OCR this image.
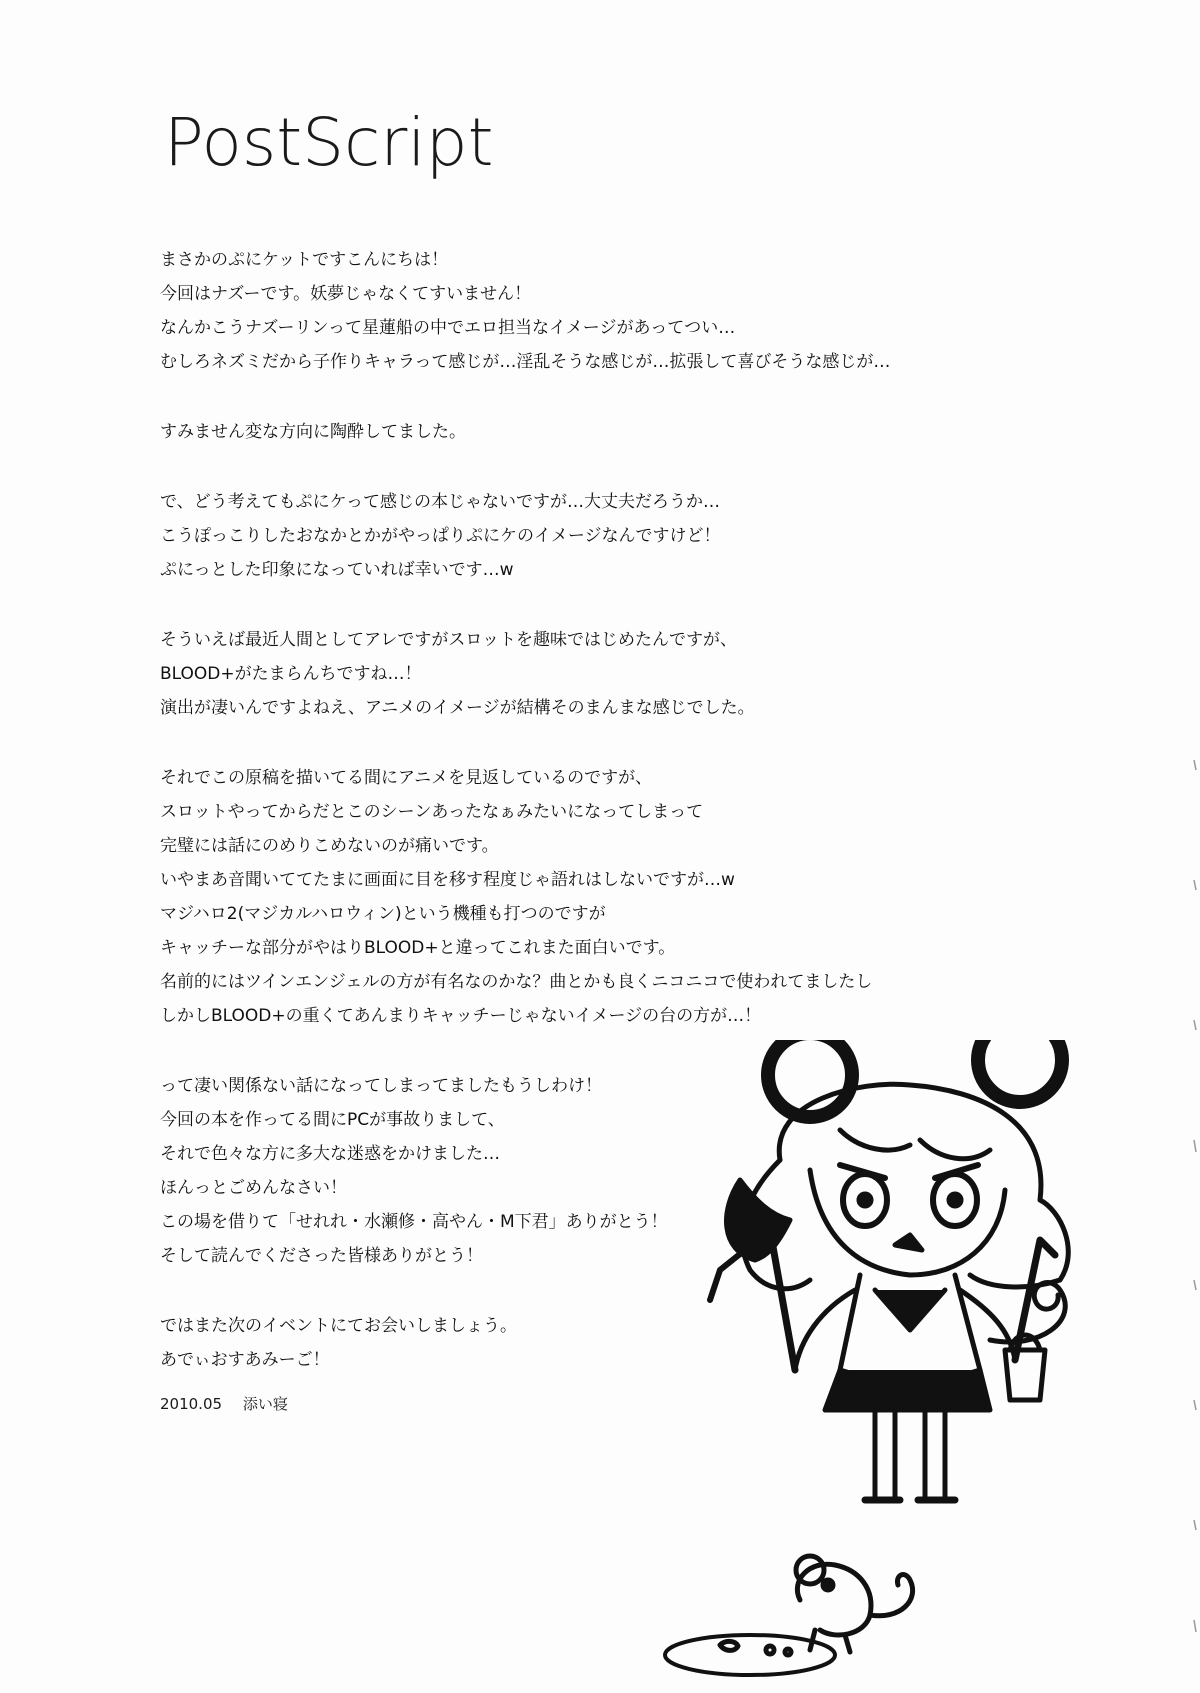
PostScript
まさかのぷにケットですこんにちは！
今回はナズーです。妖夢じゃなくてすいません！
なんかこうナズーリンって星蓮船の中でエロ担当なイメージがあってつい…
むしろネズミだから子作りキャラって感じが…淫乱そうな感じが…拡張して喜びそうな感じが…
すみません変な方向に陶酔してました。
で、どう考えてもぷにケって感じの本じゃないですが…大丈夫だろうか…
こうぽっこりしたおなかとかがやっぱりぷにケのイメージなんですけど！
ぷにっとした印象になっていれば幸いです…w
そういえば最近人間としてアレですがスロットを趣味ではじめたんですが、
BLOOD+がたまらんちですね…！
演出が凄いんですよねえ、アニメのイメージが結構そのまんまな感じでした。
それでこの原稿を描いてる間にアニメを見返しているのですが、
スロットやってからだとこのシーンあったなぁみたいになってしまって
完璧には話にのめりこめないのが痛いです。
いやまあ音聞いててたまに画面に目を移す程度じゃ語れはしないですが…w
マジハロ2(マジカルハロウィン)という機種も打つのですが
キャッチーな部分がやはりBLOOD+と違ってこれまた面白いです。
名前的にはツインエンジェルの方が有名なのかな？曲とかも良くニコニコで使われてましたし
しかしBLOOD+の重くてあんまりキャッチーじゃないイメージの台の方が…！
って凄い関係ない話になってしまってましたもうしわけ！
今回の本を作ってる間にPCが事故りまして、
それで色々な方に多大な迷惑をかけました…
ほんっとごめんなさい！
この場を借りて「せれれ・水瀬修・高やん・M下君」ありがとう！
そして読んでくださった皆様ありがとう！
ではまた次のイベントにてお会いしましょう。
あでぃおすあみーご！
2010.05 添い寝
